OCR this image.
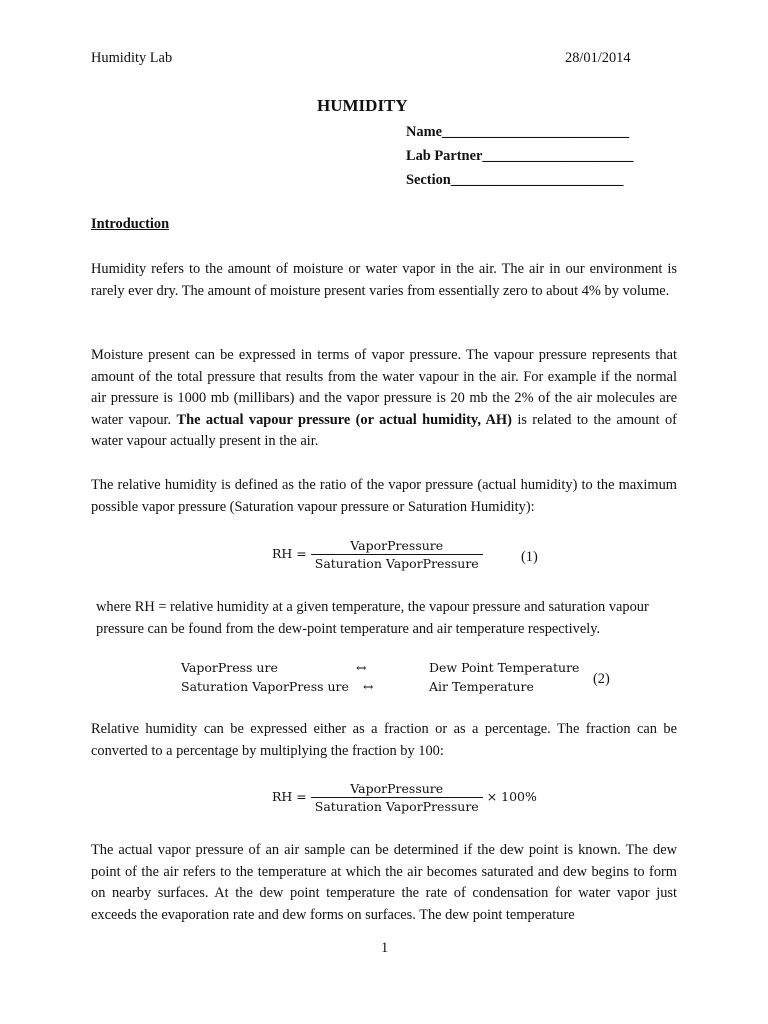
Humidity Lab	28/01/2014
HUMIDITY
Name__________________________
Lab Partner_____________________
Section________________________
Introduction

Humidity refers to the amount of moisture or water vapor in the air. The air in our environment is rarely ever dry. The amount of moisture present varies from essentially zero to about 4% by volume.

Moisture present can be expressed in terms of vapor pressure. The vapour pressure represents that amount of the total pressure that results from the water vapour in the air. For example if the normal air pressure is 1000 mb (millibars) and the vapor pressure is 20 mb the 2% of the air molecules are water vapour. The actual vapour pressure (or actual humidity, AH) is related to the amount of water vapour actually present in the air.

The relative humidity is defined as the ratio of the vapor pressure (actual humidity) to the maximum possible vapor pressure (Saturation vapour pressure or Saturation Humidity):

RH = $\frac{\text{VaporPressure}}{\text{Saturation VaporPressure}}$	(1)

where RH = relative humidity at a given temperature, the vapour pressure and saturation vapour pressure can be found from the dew-point temperature and air temperature respectively.

VaporPress ure	↔	Dew Point Temperature
Saturation VaporPress ure ↔	Air Temperature	(2)

Relative humidity can be expressed either as a fraction or as a percentage. The fraction can be converted to a percentage by multiplying the fraction by 100:

RH = $\frac{\text{VaporPressure}}{\text{Saturation VaporPressure}} \times 100\%$

The actual vapor pressure of an air sample can be determined if the dew point is known. The dew point of the air refers to the temperature at which the air becomes saturated and dew begins to form on nearby surfaces. At the dew point temperature the rate of condensation for water vapor just exceeds the evaporation rate and dew forms on surfaces. The dew point temperature

1
